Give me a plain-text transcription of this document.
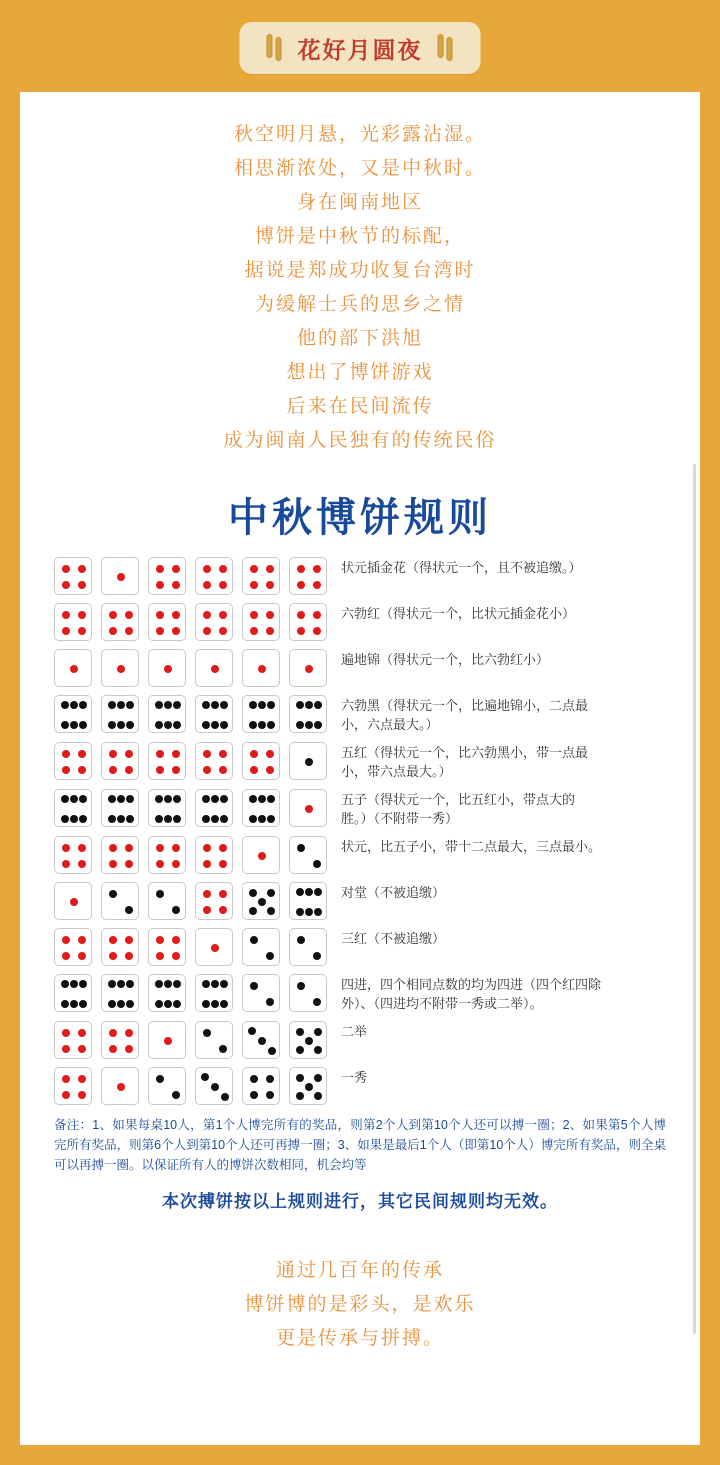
花好月圆夜
秋空明月悬，光彩露沾湿。
相思渐浓处，又是中秋时。
身在闽南地区
博饼是中秋节的标配，
据说是郑成功收复台湾时
为缓解士兵的思乡之情
他的部下洪旭
想出了博饼游戏
后来在民间流传
成为闽南人民独有的传统民俗
中秋博饼规则
状元插金花（得状元一个，且不被追缴。）
六勃红（得状元一个，比状元插金花小）
遍地锦（得状元一个，比六勃红小）
六勃黑（得状元一个，比遍地锦小，二点最小，六点最大。）
五红（得状元一个，比六勃黑小，带一点最小，带六点最大。）
五子（得状元一个，比五红小，带点大的胜。）（不附带一秀）
状元，比五子小，带十二点最大，三点最小。
对堂（不被追缴）
三红（不被追缴）
四进，四个相同点数的均为四进（四个红四除外）、（四进均不附带一秀或二举）。
二举
一秀
备注：1、如果每桌10人，第1个人博完所有的奖品，则第2个人到第10个人还可以搏一圈；2、如果第5个人博完所有奖品，则第6个人到第10个人还可再搏一圈；3、如果是最后1个人（即第10个人）博完所有奖品，则全桌可以再搏一圈。以保证所有人的博饼次数相同，机会均等
本次搏饼按以上规则进行，其它民间规则均无效。
通过几百年的传承
博饼博的是彩头，是欢乐
更是传承与拼搏。
